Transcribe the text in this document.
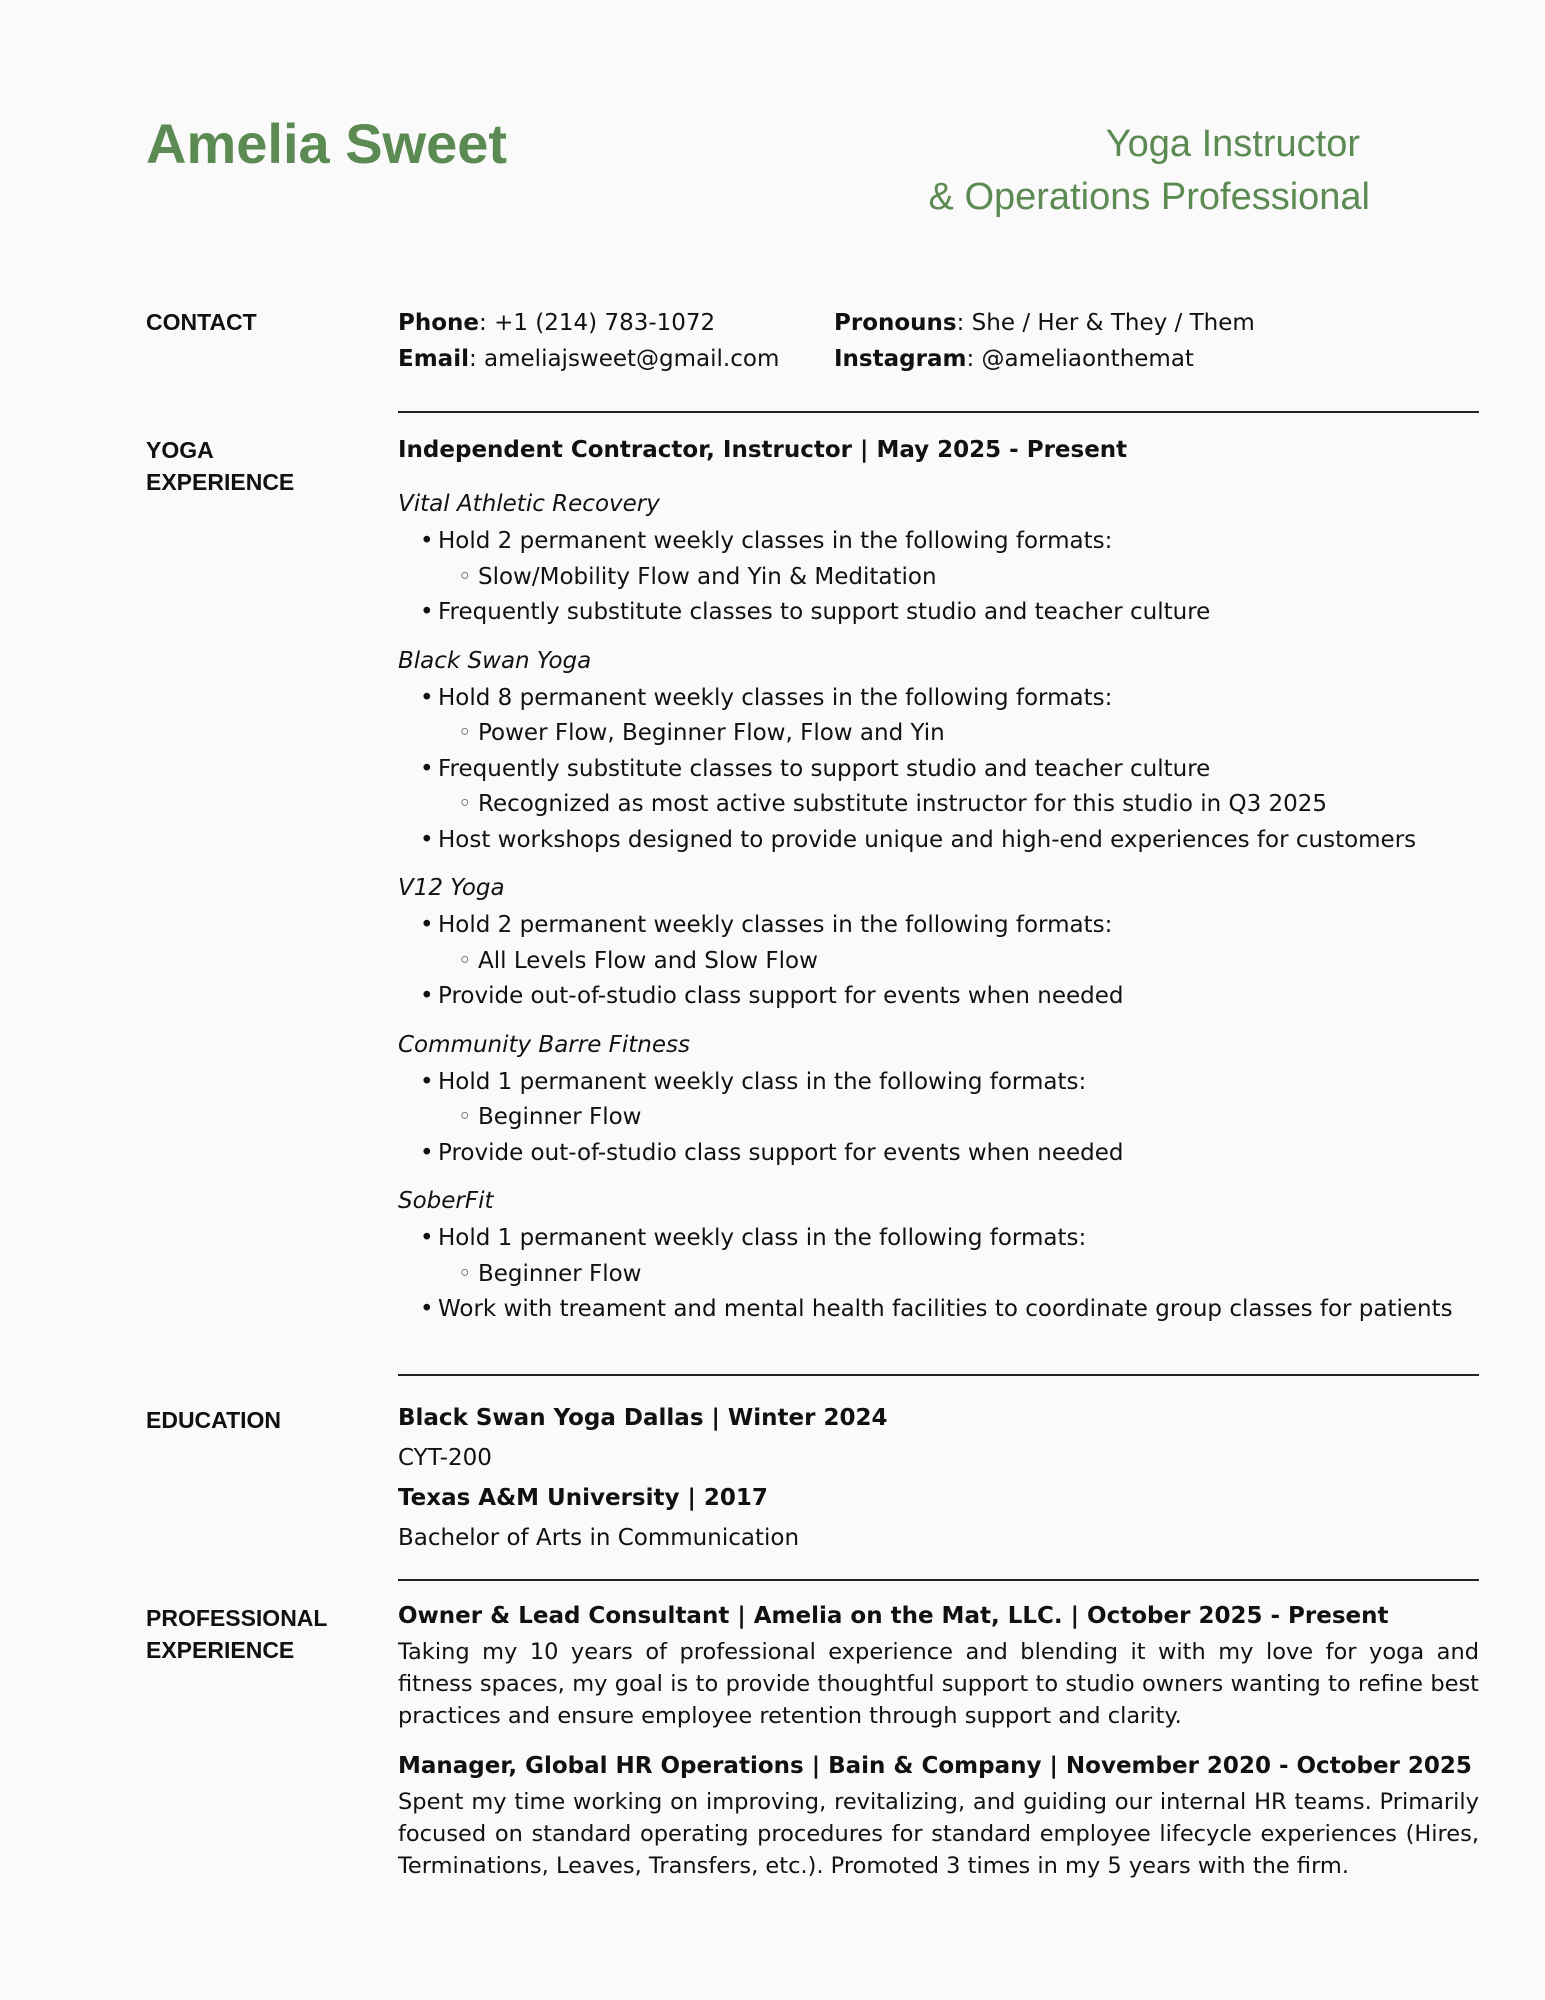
Amelia Sweet	Yoga Instructor
& Operations Professional
CONTACT	Phone: +1 (214) 783-1072
Email: ameliajsweet@gmail.com
Pronouns: She / Her & They / Them
Instagram: @ameliaonthemat
YOGA
EXPERIENCE
Independent Contractor, Instructor | May 2025 - Present
Vital Athletic Recovery
• Hold 2 permanent weekly classes in the following formats:
◦ Slow/Mobility Flow and Yin & Meditation
• Frequently substitute classes to support studio and teacher culture
Black Swan Yoga
• Hold 8 permanent weekly classes in the following formats:
◦ Power Flow, Beginner Flow, Flow and Yin
• Frequently substitute classes to support studio and teacher culture
◦ Recognized as most active substitute instructor for this studio in Q3 2025
• Host workshops designed to provide unique and high-end experiences for customers
V12 Yoga
• Hold 2 permanent weekly classes in the following formats:
◦ All Levels Flow and Slow Flow
• Provide out-of-studio class support for events when needed
Community Barre Fitness
• Hold 1 permanent weekly class in the following formats:
◦ Beginner Flow
• Provide out-of-studio class support for events when needed
SoberFit
• Hold 1 permanent weekly class in the following formats:
◦ Beginner Flow
• Work with treament and mental health facilities to coordinate group classes for patients
EDUCATION	Black Swan Yoga Dallas | Winter 2024
CYT-200
Texas A&M University | 2017
Bachelor of Arts in Communication
PROFESSIONAL
EXPERIENCE
Owner & Lead Consultant | Amelia on the Mat, LLC. | October 2025 - Present

Taking my 10 years of professional experience and blending it with my love for yoga and fitness spaces, my goal is to provide thoughtful support to studio owners wanting to refine best practices and ensure employee retention through support and clarity.

Manager, Global HR Operations | Bain & Company | November 2020 - October 2025

Spent my time working on improving, revitalizing, and guiding our internal HR teams. Primarily focused on standard operating procedures for standard employee lifecycle experiences (Hires, Terminations, Leaves, Transfers, etc.). Promoted 3 times in my 5 years with the firm.
